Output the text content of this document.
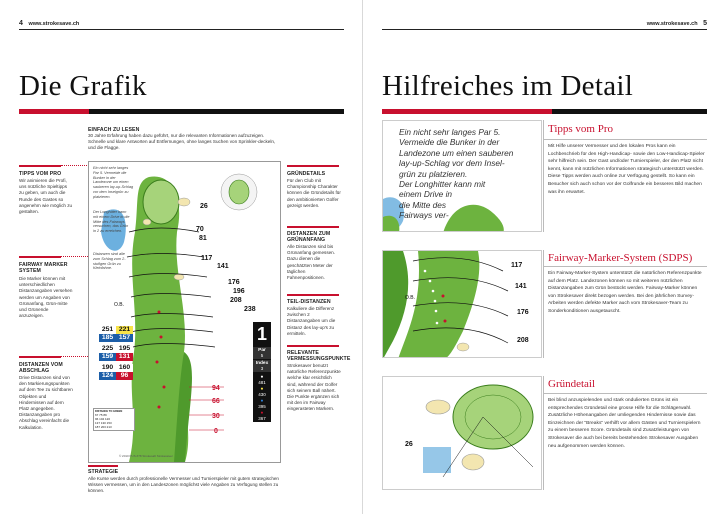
4 www.strokesave.ch
Die Grafik
EINFACH ZU LESEN
30 Jahre Erfahrung haben dazu geführt, nur die relevanten Informationen aufzuzeigen. Schnelle und klare Antworten auf Entfernungen, ohne langes Suchen von Sprinkler-deckeln, und die Flagge.
TIPPS VOM PRO
Wir animieren die Profi, uns nützliche Spieltipps zu geben, um auch die Runde des Gastes so angenehm wie möglich zu gestalten.
FAIRWAY MARKER SYSTEM
Die Marker können mit unterschiedlichen Distanzangaben versehen werden um Angaben von Grünanfang, Grün-mitte und Grünende anzuzeigen.
DISTANZEN VOM ABSCHLAG
Drive Distanzen sind von den Markierungspunkten auf dem Tee zu sichtbaren Objekten und Hindernissen auf dem Platz angegeben. Distanzangaben pro Abschlag vereinfacht die Kalkulation.
GRÜNDETAILS
Für den Club mit Championship Charakter können die Gründetails für den ambitionierten Golfer gezeigt werden.
DISTANZEN ZUM GRÜNANFANG
Alle Distanzen sind bis Grünanfang gemessen. Dazu dienen die geschätzten Meter der täglichen Fahnenpositionen.
TEIL-DISTANZEN
Kalkuliere die Differenz zwischen 2 Distanzangaben um die Distanz des lay-up's zu ermitteln.
RELEVANTE VERMESSUNGSPUNKTE
Strokesaver benutzt natürliche Referenzpunkte welche klar ersichtlich sind, während der Golfer sich seinem Ball nähert. Die Punkte ergänzen sich mit den im Fairway eingerasteten Markern.
Ein nicht sehr langes Par 5. Vermeide die Bunker in der Landezone um einen sauberen lay-up-Schlag vor dem Inselgrün zu platzieren.
Der Longhitter kann mit einem Drive in die Mitte des Fairways versuchen, das Grün in 2 zu erreichen.
Distanzen sind alle zum Schlag zum 2-stufigen Grün zu Kleinfahne.
26
70
81
117
141
176
196
208
238
94
66
30
0
O.B.
251 221
185 157
225 195
159 131
190 160
124	96
DISTANCE TO GREEN
67 75 89
96 104 120
137 130 153
187 203 213
© 2010 PUS #78 Strokesaft Strokesaver
1
Par
5
Index
3
●
481
●
430
●
395
●
367
STRATEGIE
Alle Kurse werden durch professionelle Vermesser und Turnierspieler mit gutem strategischen Wissen vermessen, um in den Landeszonen möglichst viele Angaben zu Verfügung stellen zu können.
www.strokesave.ch 5
Hilfreiches im Detail
Ein nicht sehr langes Par 5.
Vermeide die Bunker in der
Landezone um einen sauberen
lay-up-Schlag vor dem Insel-
grün zu platzieren.
Der Longhitter kann mit
einem Drive in
die Mitte des
Fairways ver-
Tipps vom Pro
Mit Hilfe unserer Vermesser und den lokalen Pros kann ein Lochbeschrieb für den High-Handicap- sowie den Low-Handicap-Spieler sehr hilfreich sein. Der Gast und/oder Turnierspieler, der den Platz nicht kennt, kann mit nützlichen Informationen strategisch unterstützt werden. Diese Tipps werden auch online zur Verfügung gestellt. So kann ein Besucher sich auch schon vor der Golfrunde ein besseres Bild machen was ihn erwartet.
117
141
176
208
O.B.
Fairway-Marker-System (SDPS)
Ein Fairway-Marker-System unterstützt die natürlichen Referenzpunkte auf dem Platz. Landezonen können so mit weiteren nützlichen Distanzangaben zum Grün bestückt werden. Fairway-Marker können von Strokesaver direkt bezogen werden. Bei den jährlichen Survey-Arbeiten werden defekte Marker auch vom Strokesaver-Team zu Sonderkonditionen ausgetauscht.
26
Gründetail
Bei blind anzuspielenden und stark ondulierten Grüns ist ein entsprechendes Gründetail eine grosse Hilfe für die Schlägerwahl. Zusätzliche Höhenangaben der umliegenden Hindernisse sowie das Einzeichnen der "Breaks" verhilft vor allem Gästen und Turnierspielern zu einem besseren Score. Gründetails sind Zusatzleistungen von Strokesaver die auch bei bereits bestehenden Strokesaver Ausgaben neu aufgenommen werden können.
